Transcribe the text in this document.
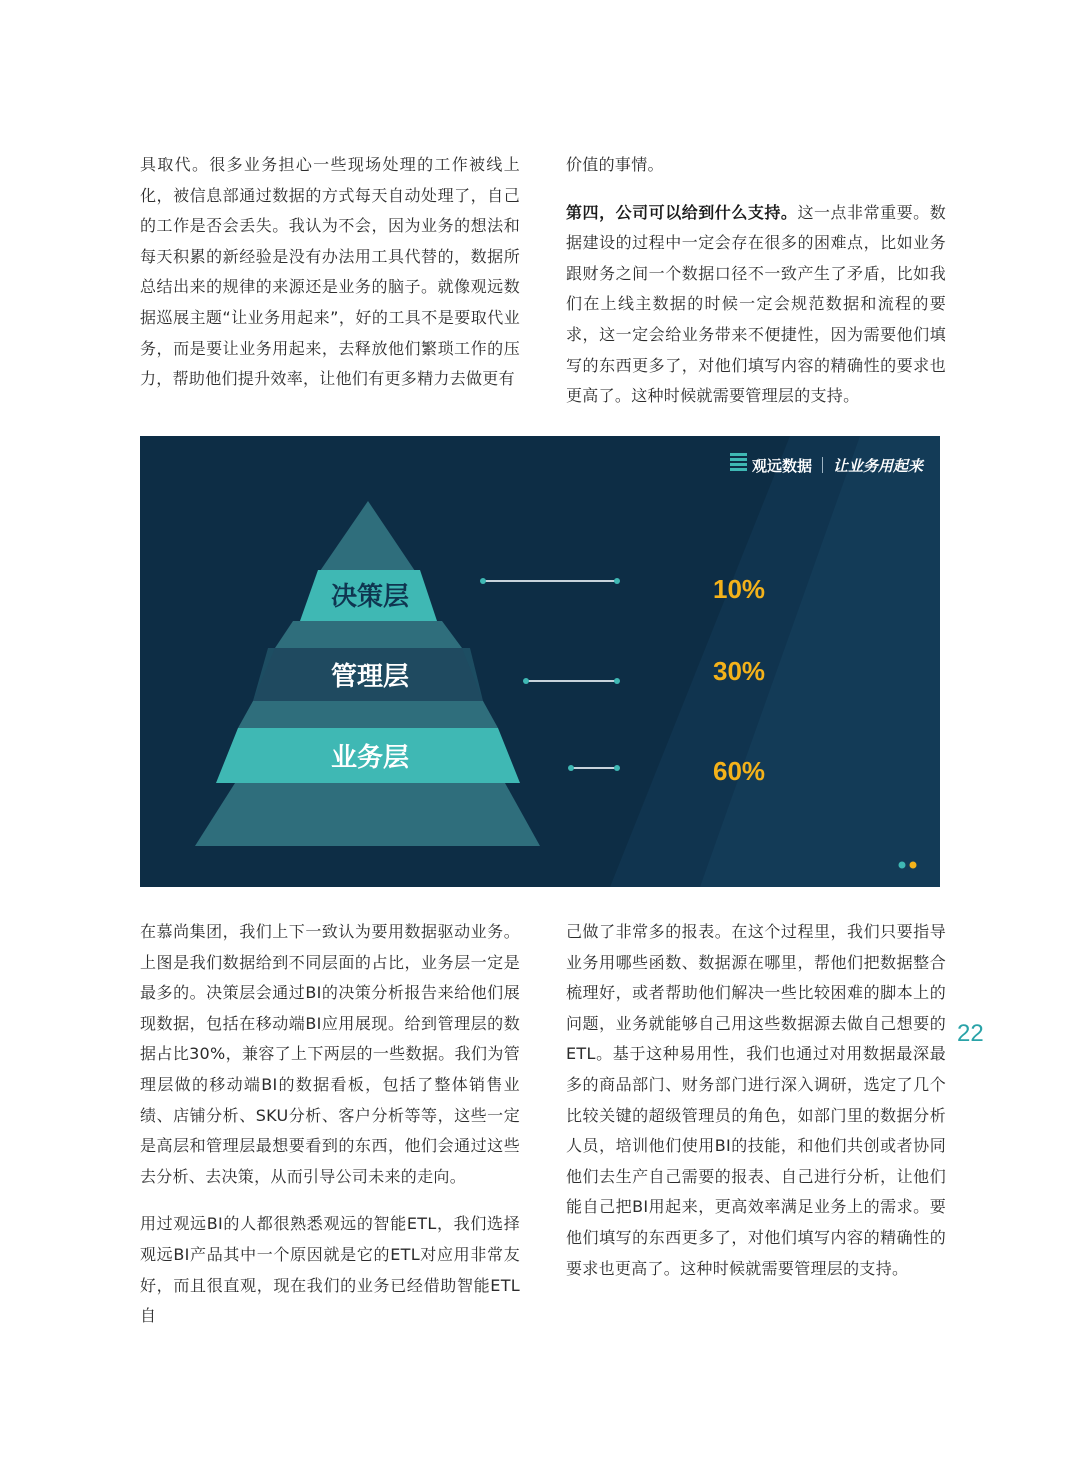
具取代。很多业务担心一些现场处理的工作被线上化，被信息部通过数据的方式每天自动处理了，自己的工作是否会丢失。我认为不会，因为业务的想法和每天积累的新经验是没有办法用工具代替的，数据所总结出来的规律的来源还是业务的脑子。就像观远数据巡展主题“让业务用起来”，好的工具不是要取代业务，而是要让业务用起来，去释放他们繁琐工作的压力，帮助他们提升效率，让他们有更多精力去做更有

价值的事情。

第四，公司可以给到什么支持。这一点非常重要。数据建设的过程中一定会存在很多的困难点，比如业务跟财务之间一个数据口径不一致产生了矛盾，比如我们在上线主数据的时候一定会规范数据和流程的要求，这一定会给业务带来不便捷性，因为需要他们填写的东西更多了，对他们填写内容的精确性的要求也更高了。这种时候就需要管理层的支持。

观远数据 让业务用起来
决策层
管理层
业务层
10%
30%
60%

在慕尚集团，我们上下一致认为要用数据驱动业务。上图是我们数据给到不同层面的占比，业务层一定是最多的。决策层会通过BI的决策分析报告来给他们展现数据，包括在移动端BI应用展现。给到管理层的数据占比30%，兼容了上下两层的一些数据。我们为管理层做的移动端BI的数据看板，包括了整体销售业绩、店铺分析、SKU分析、客户分析等等，这些一定是高层和管理层最想要看到的东西，他们会通过这些去分析、去决策，从而引导公司未来的走向。

用过观远BI的人都很熟悉观远的智能ETL，我们选择观远BI产品其中一个原因就是它的ETL对应用非常友好，而且很直观，现在我们的业务已经借助智能ETL自

己做了非常多的报表。在这个过程里，我们只要指导业务用哪些函数、数据源在哪里，帮他们把数据整合梳理好，或者帮助他们解决一些比较困难的脚本上的问题，业务就能够自己用这些数据源去做自己想要的ETL。基于这种易用性，我们也通过对用数据最深最多的商品部门、财务部门进行深入调研，选定了几个比较关键的超级管理员的角色，如部门里的数据分析人员，培训他们使用BI的技能，和他们共创或者协同他们去生产自己需要的报表、自己进行分析，让他们能自己把BI用起来，更高效率满足业务上的需求。要他们填写的东西更多了，对他们填写内容的精确性的要求也更高了。这种时候就需要管理层的支持。

22
